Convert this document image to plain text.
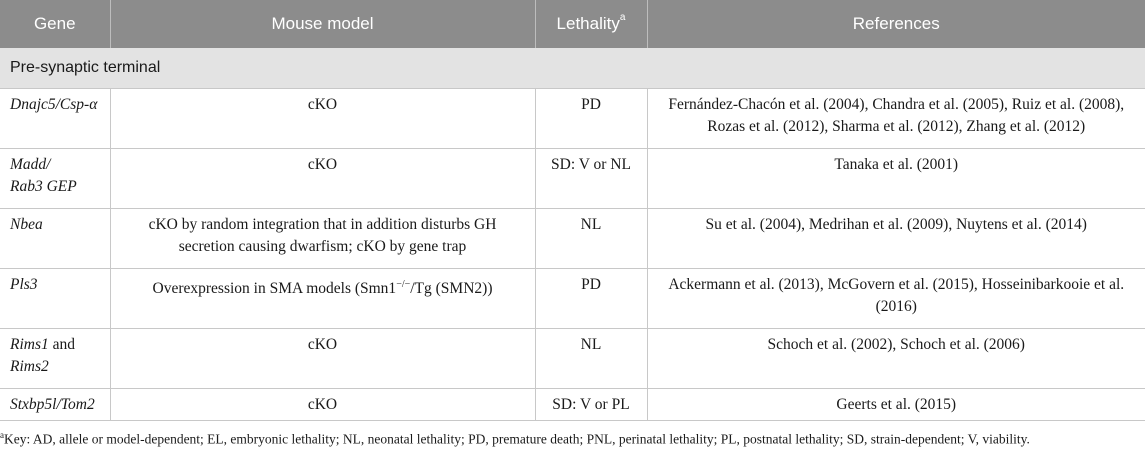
Gene	Mouse model	Lethality$^a$	References
Pre-synaptic terminal			
Dnajc5/Csp-α	cKO	PD	Fernández-Chacón et al. (2004), Chandra et al. (2005), Ruiz et al. (2008),
Rozas et al. (2012), Sharma et al. (2012), Zhang et al. (2012)
Madd/
Rab3 GEP	cKO	SD: V or NL	Tanaka et al. (2001)
Nbea	cKO by random integration that in addition disturbs GH
secretion causing dwarfism; cKO by gene trap	NL	Su et al. (2004), Medrihan et al. (2009), Nuytens et al. (2014)
Pls3	Overexpression in SMA models (Smn1−/−/Tg (SMN2))	PD	Ackermann et al. (2013), McGovern et al. (2015), Hosseinibarkooie et al.
(2016)
Rims1 and
Rims2	cKO	NL	Schoch et al. (2002), Schoch et al. (2006)
Stxbp5l/Tom2	cKO	SD: V or PL	Geerts et al. (2015)
$^a$Key: AD, allele or model-dependent; EL, embryonic lethality; NL, neonatal lethality; PD, premature death; PNL, perinatal lethality; PL, postnatal lethality; SD, strain-dependent; V, viability.
